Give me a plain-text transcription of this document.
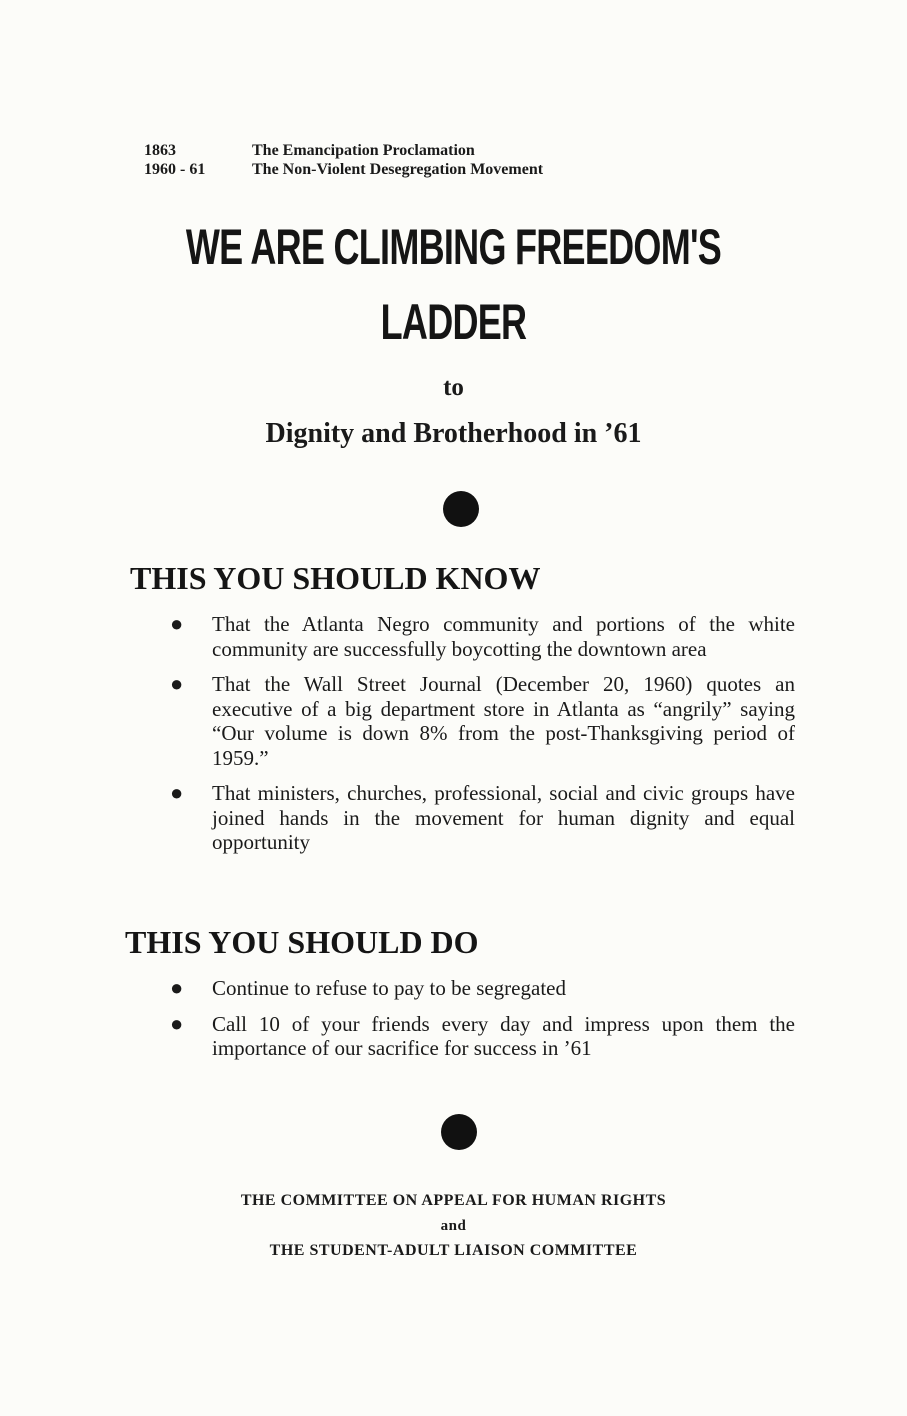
1863	The Emancipation Proclamation
1960 - 61	The Non-Violent Desegregation Movement
WE ARE CLIMBING FREEDOM'S
LADDER
to
Dignity and Brotherhood in ’61
THIS YOU SHOULD KNOW
●	That the Atlanta Negro community and portions of the white community are successfully boycotting the downtown area
●	That the Wall Street Journal (December 20, 1960) quotes an executive of a big department store in Atlanta as “angrily” saying “Our volume is down 8% from the post-Thanksgiving period of 1959.”
●	That ministers, churches, professional, social and civic groups have joined hands in the movement for human dignity and equal opportunity
THIS YOU SHOULD DO
●	Continue to refuse to pay to be segregated
●	Call 10 of your friends every day and impress upon them the importance of our sacrifice for success in ’61
THE COMMITTEE ON APPEAL FOR HUMAN RIGHTS
and
THE STUDENT-ADULT LIAISON COMMITTEE
